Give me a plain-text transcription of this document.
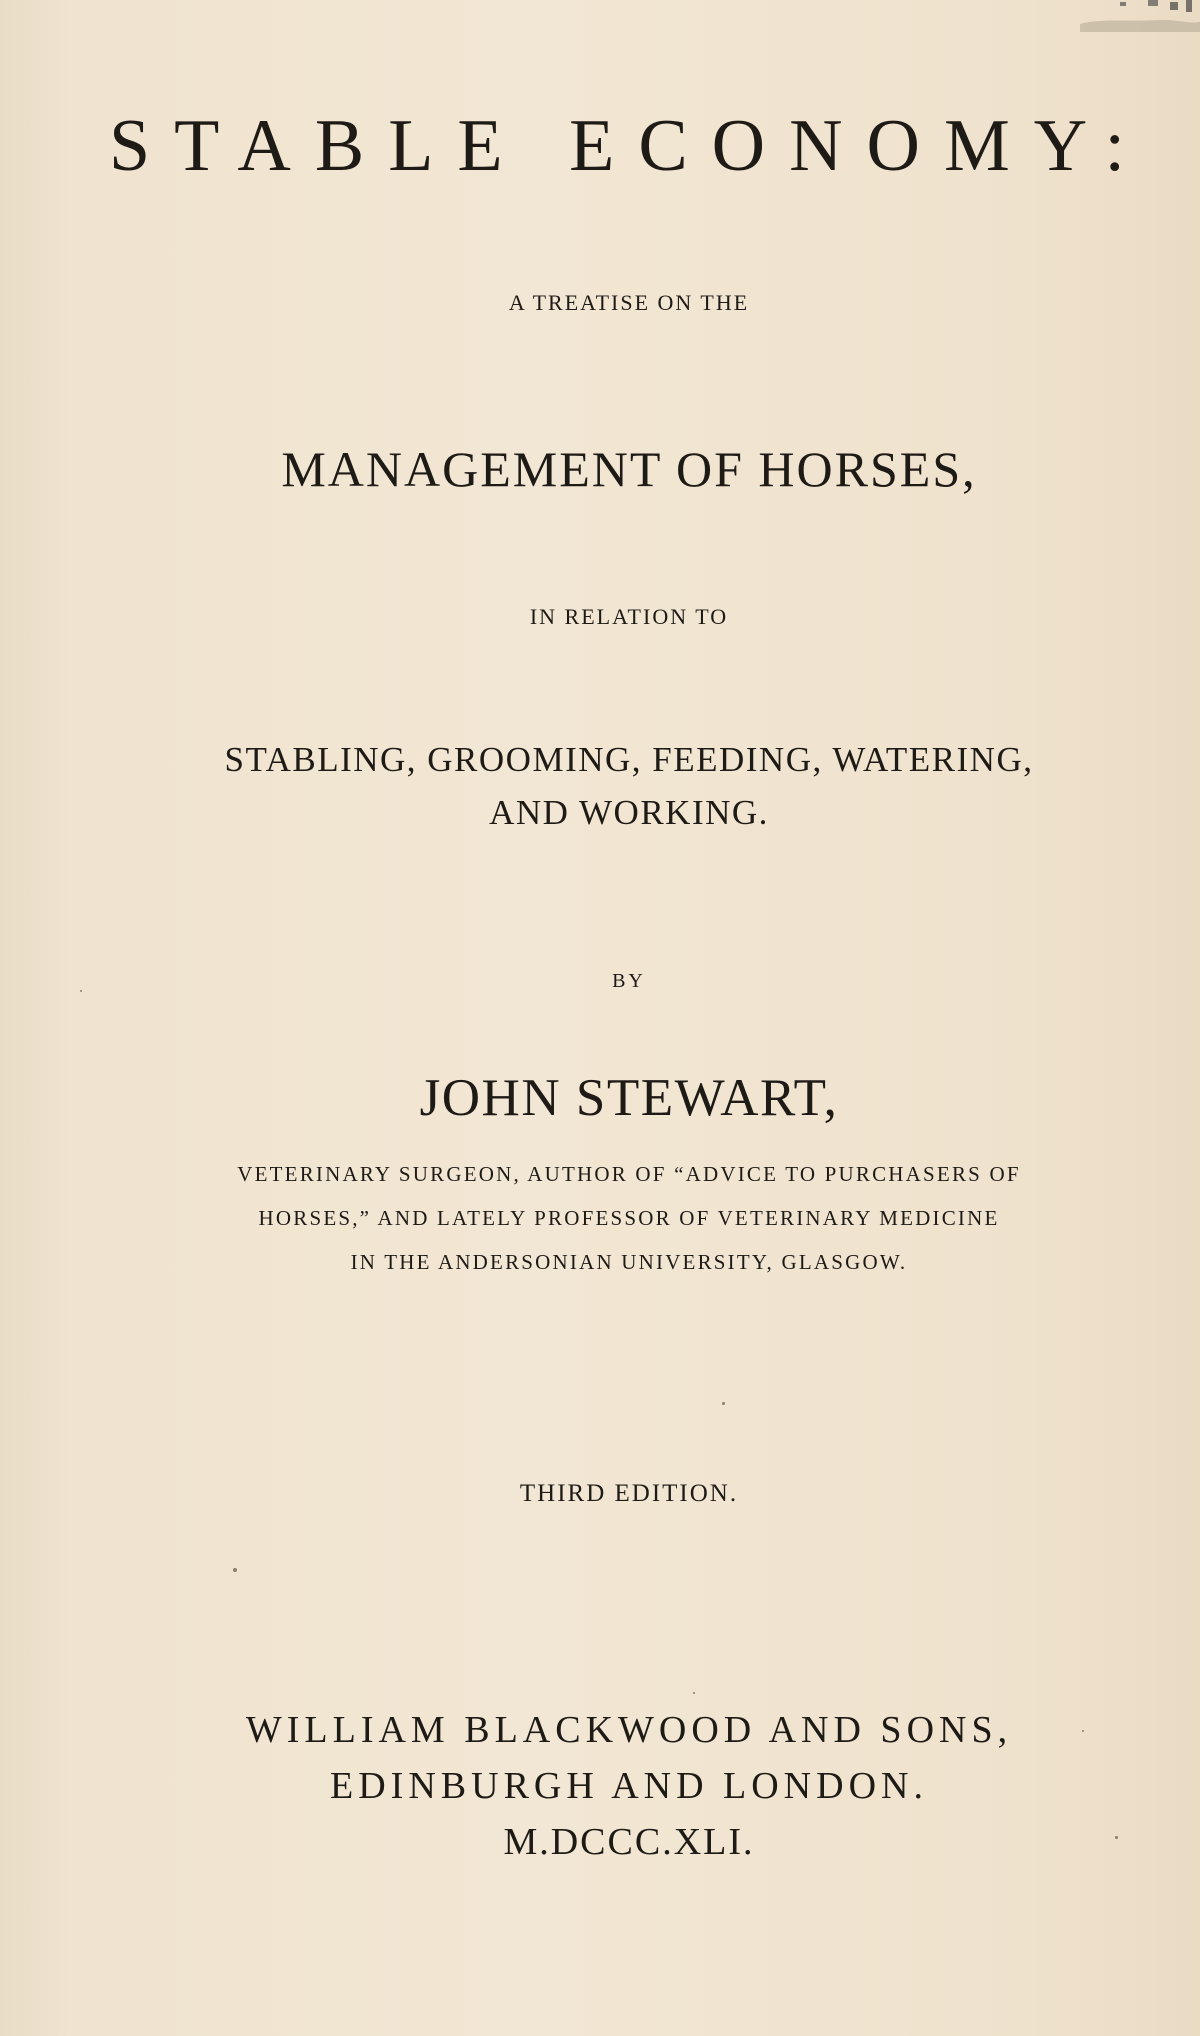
STABLE ECONOMY:
A TREATISE ON THE
MANAGEMENT OF HORSES,
IN RELATION TO
STABLING, GROOMING, FEEDING, WATERING,
AND WORKING.
BY
JOHN STEWART,
VETERINARY SURGEON, AUTHOR OF “ADVICE TO PURCHASERS OF
HORSES,” AND LATELY PROFESSOR OF VETERINARY MEDICINE
IN THE ANDERSONIAN UNIVERSITY, GLASGOW.
THIRD EDITION.
WILLIAM BLACKWOOD AND SONS,
EDINBURGH AND LONDON.
M.DCCC.XLI.
